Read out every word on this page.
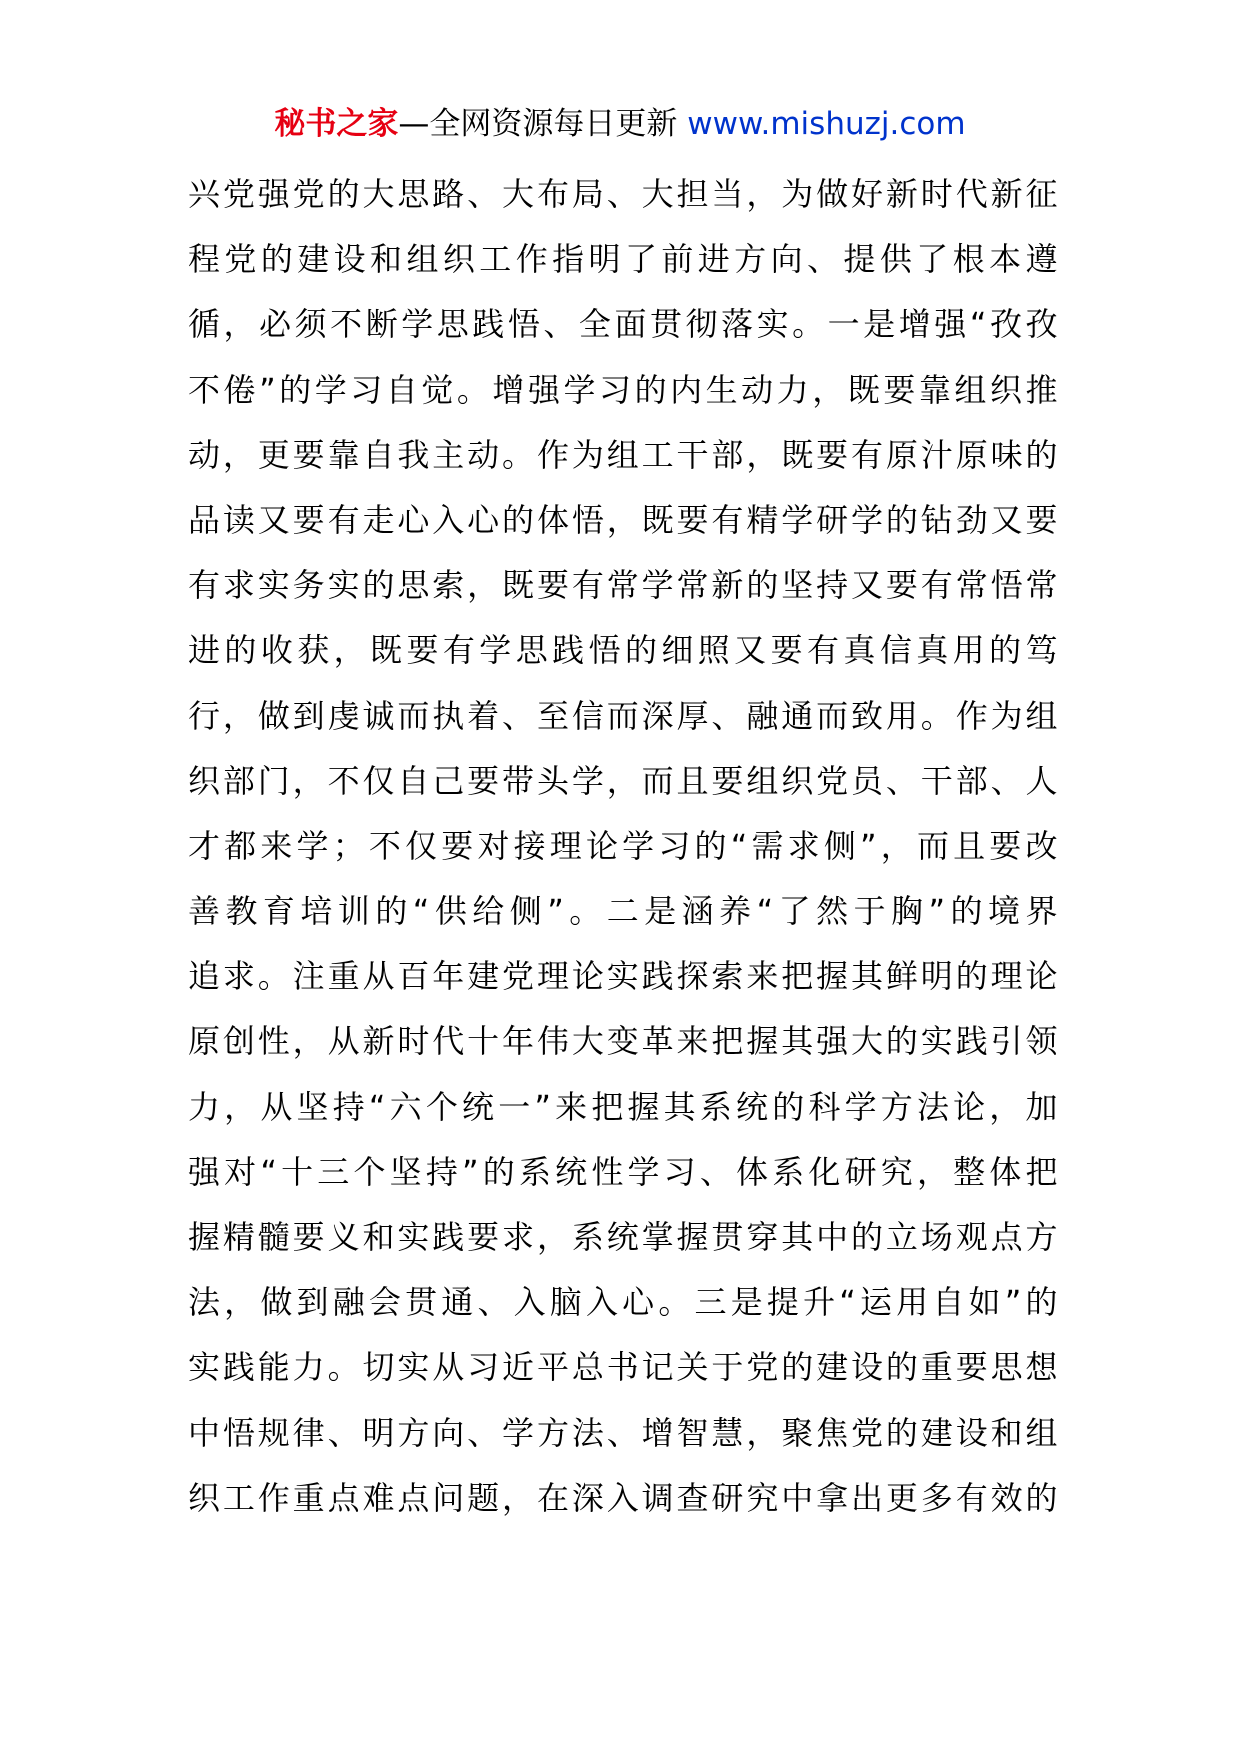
秘书之家—全网资源每日更新 www.mishuzj.com
兴党强党的大思路、大布局、大担当，为做好新时代新征
程党的建设和组织工作指明了前进方向、提供了根本遵
循，必须不断学思践悟、全面贯彻落实。一是增强“孜孜
不倦”的学习自觉。增强学习的内生动力，既要靠组织推
动，更要靠自我主动。作为组工干部，既要有原汁原味的
品读又要有走心入心的体悟，既要有精学研学的钻劲又要
有求实务实的思索，既要有常学常新的坚持又要有常悟常
进的收获，既要有学思践悟的细照又要有真信真用的笃
行，做到虔诚而执着、至信而深厚、融通而致用。作为组
织部门，不仅自己要带头学，而且要组织党员、干部、人
才都来学；不仅要对接理论学习的“需求侧”，而且要改
善教育培训的“供给侧”。二是涵养“了然于胸”的境界
追求。注重从百年建党理论实践探索来把握其鲜明的理论
原创性，从新时代十年伟大变革来把握其强大的实践引领
力，从坚持“六个统一”来把握其系统的科学方法论，加
强对“十三个坚持”的系统性学习、体系化研究，整体把
握精髓要义和实践要求，系统掌握贯穿其中的立场观点方
法，做到融会贯通、入脑入心。三是提升“运用自如”的
实践能力。切实从习近平总书记关于党的建设的重要思想
中悟规律、明方向、学方法、增智慧，聚焦党的建设和组
织工作重点难点问题，在深入调查研究中拿出更多有效的
